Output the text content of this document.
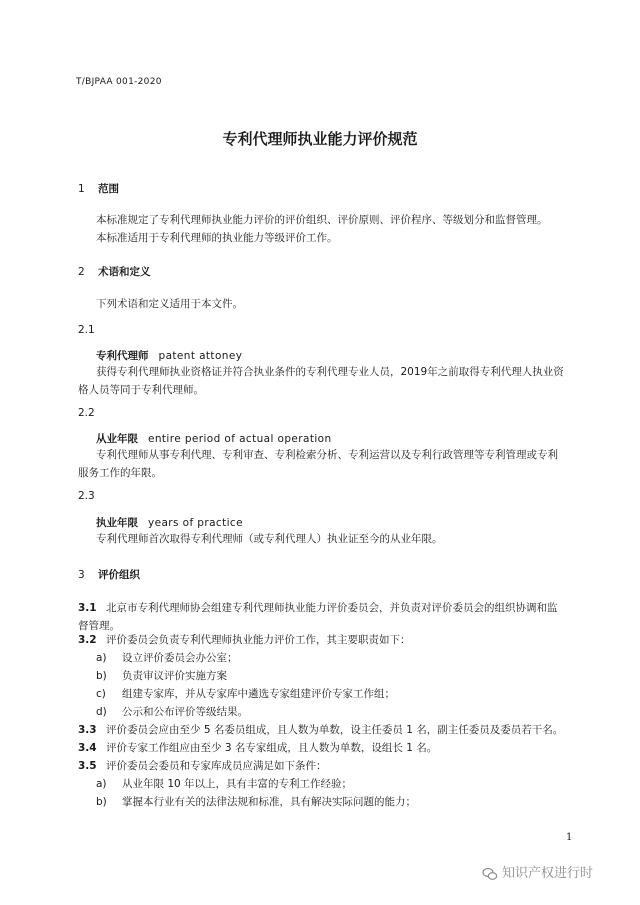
T/BJPAA 001-2020
专利代理师执业能力评价规范
1 范围
本标准规定了专利代理师执业能力评价的评价组织、评价原则、评价程序、等级划分和监督管理。
本标准适用于专利代理师的执业能力等级评价工作。
2 术语和定义
下列术语和定义适用于本文件。
2.1
专利代理师 patent attoney
获得专利代理师执业资格证并符合执业条件的专利代理专业人员，2019年之前取得专利代理人执业资格人员等同于专利代理师。
2.2
从业年限 entire period of actual operation
专利代理师从事专利代理、专利审查、专利检索分析、专利运营以及专利行政管理等专利管理或专利服务工作的年限。
2.3
执业年限 years of practice
专利代理师首次取得专利代理师（或专利代理人）执业证至今的从业年限。
3 评价组织
3.1 北京市专利代理师协会组建专利代理师执业能力评价委员会，并负责对评价委员会的组织协调和监督管理。
3.2 评价委员会负责专利代理师执业能力评价工作，其主要职责如下：
a) 设立评价委员会办公室；
b) 负责审议评价实施方案
c) 组建专家库，并从专家库中遴选专家组建评价专家工作组；
d) 公示和公布评价等级结果。
3.3 评价委员会应由至少 5 名委员组成，且人数为单数，设主任委员 1 名，副主任委员及委员若干名。
3.4 评价专家工作组应由至少 3 名专家组成，且人数为单数，设组长 1 名。
3.5 评价委员会委员和专家库成员应满足如下条件：
a) 从业年限 10 年以上，具有丰富的专利工作经验；
b) 掌握本行业有关的法律法规和标准，具有解决实际问题的能力；
1
知识产权进行时
